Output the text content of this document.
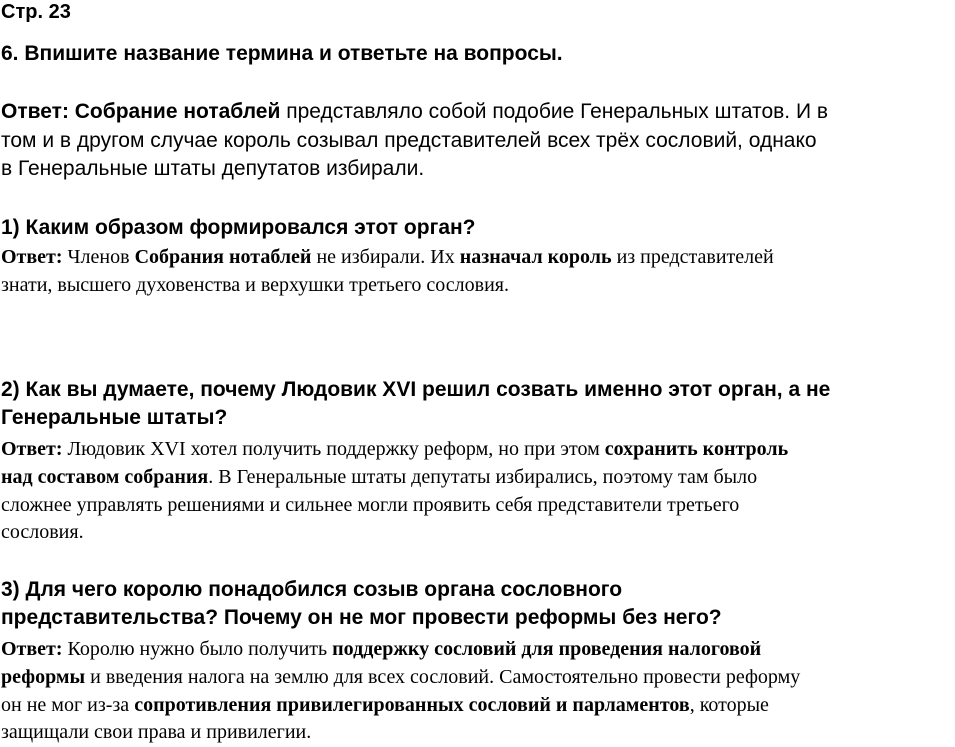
Стр. 23
6. Впишите название термина и ответьте на вопросы.
Ответ: Собрание нотаблей представляло собой подобие Генеральных штатов. И в
том и в другом случае король созывал представителей всех трёх сословий, однако
в Генеральные штаты депутатов избирали.
1) Каким образом формировался этот орган?
Ответ: Членов Собрания нотаблей не избирали. Их назначал король из представителей
знати, высшего духовенства и верхушки третьего сословия.
2) Как вы думаете, почему Людовик XVI решил созвать именно этот орган, а не
Генеральные штаты?
Ответ: Людовик XVI хотел получить поддержку реформ, но при этом сохранить контроль
над составом собрания. В Генеральные штаты депутаты избирались, поэтому там было
сложнее управлять решениями и сильнее могли проявить себя представители третьего
сословия.
3) Для чего королю понадобился созыв органа сословного
представительства? Почему он не мог провести реформы без него?
Ответ: Королю нужно было получить поддержку сословий для проведения налоговой
реформы и введения налога на землю для всех сословий. Самостоятельно провести реформу
он не мог из-за сопротивления привилегированных сословий и парламентов, которые
защищали свои права и привилегии.
